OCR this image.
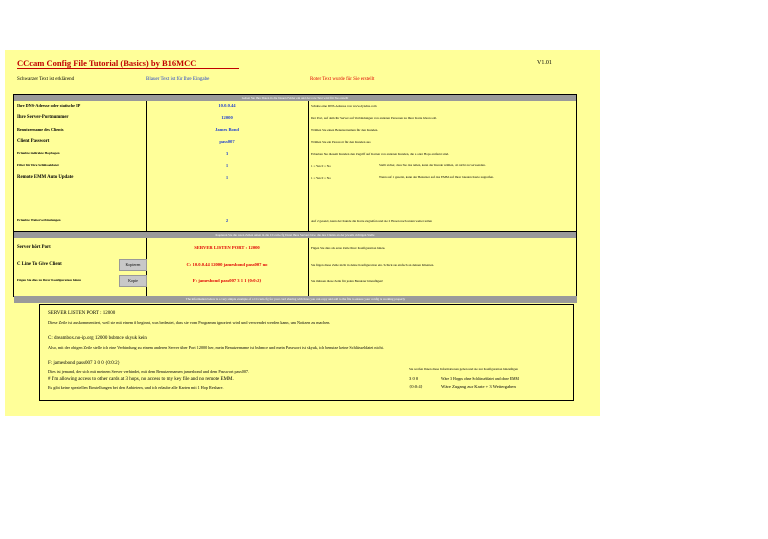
CCcam Config File Tutorial (Basics) by B16MCC	V1.01
Schwarzer Text ist erklärend	Blauer Text ist für Ihre Eingabe	Roter Text wurde für Sie erstellt
Geben Sie Ihre Daten in die blauen Felder ein und der rote Text wird für Sie erstellt
Ihre DNS-Adresse oder statische IP	10.0.0.44	Schalte eine DNS-Adresse von www.dyndns.com
Ihre Server-Portnummer	12000	Der Port, auf dem Ihr Server auf Verbindungen von anderen Personen zu Ihrer Karte hören soll.
Benutzername des Clients	James Bond	Wählen Sie einen Benutzernamen für den Kunden.
Client Passwort	pass007	Wählen Sie ein Passwort für den Kunden aus
Erlaubte indirekte Hopbogen	3	Erlauben Sie diesem Kunden den Zugriff auf Karten von anderen Kunden, die a oder Hops entfernt sind.
Filter für Ihre Schlüsseldatei	1	1 = Yes 0 = No	Stellt sicher, dass Sie das teilen, kann der Kunde wählen, ob nicht zu verwenden.
Remote EMM Auto Update	1	1 = Yes 0 = No	Wenn auf 1 gesetzt, kann der Benutzer auf das EMM auf Ihrer lokalen Karte zugreifen.
Erlaubte Weiterverbindungen	2	Auf 2 gesetzt, kann der Kunde die Karte zugreifen und sie 2 Hosen nach unten weiter teilen
Kopieren Sie die roten Zeilen unten in die CCcam.cfg Datei Ihres Servers bzw. die des Clients an der jeweils richtigen Stelle
Server hört Port	SERVER LISTEN PORT : 12000	Fügen Sie dies als erste Zeile Ihrer Konfiguration hinzu.
C Line To Give Client	Kopieren	C: 10.0.0.44 12000 jamesbond pass007 no	Sie fügen diese Zeile nicht in deine Konfiguration ein. Schick sie einfach an deinen Klienten.
Fügen Sie dies zu Ihrer Konfiguration hinzu	Kopie	F: jamesbond pass007 3 1 1 {0:0:2}	Sie müssen diese Zeile für jeden Benutzer hinzufügen!
The information below is a very simple example of a CCcam.cfg for your card sharing with lines you can copy and add to the file to ensure your config is working properly
SERVER LISTEN PORT : 12000
Diese Zeile ist auskommentiert, weil sie mit einem # beginnt, was bedeutet, dass sie vom Programm ignoriert wird und verwendet werden kann, um Notizen zu machen.
C: dreambox.no-ip.org 12000 bsbmce skyuk kein
Also, mit der obigen Zeile stelle ich eine Verbindung zu einem anderen Server über Port 12000 her, mein Benutzername ist bsbmce und mein Passwort ist skyuk, ich benutze keine Schlüsseldatei nicht.
F: jamesbond pass007 3 0 0 {0:0:2}
Dies ist jemand, der sich mit meinem Server verbindet, mit dem Benutzernamen jamesbond und dem Passwort pass007.
# I'm allowing access to other cards at 3 hops, no access to my key file and no remote EMM.
Es gibt keine speziellen Einstellungen bei den Anbietern, und ich erlaube alle Karten mit 1 Hop Reshare.
Sie werfen Ihnen diese Informationen geben und sie zur Konfiguration hinzufügen
3 0 0	Wäre 3 Hopps ohne Schlüsseldatei und ohne EMM
{0:0:4}	Wäre Zugang zur Karte + 3 Weitergaben
